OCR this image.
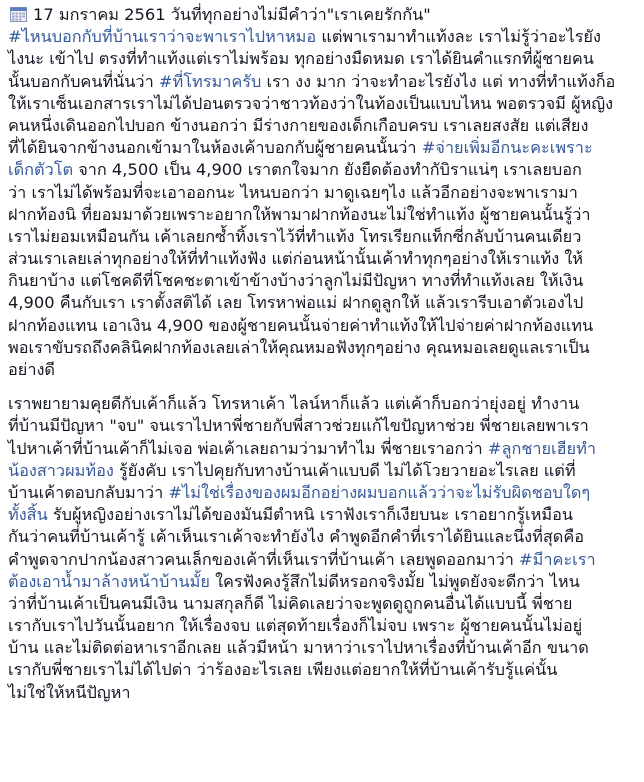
17 มกราคม 2561 วันที่ทุกอย่างไม่มีคำว่า"เราเคยรักกัน"
#ไหนบอกกับที่บ้านเราว่าจะพาเราไปหาหมอ แต่พาเรามาทำแท้งละ เราไม่รู้ว่าอะไรยัง
ไงนะ เข้าไป ตรงที่ทำแท้งแต่เราไม่พร้อม ทุกอย่างมืดหมด เราได้ยินคำแรกที่ผู้ชายคน
นั้นบอกกับคนที่นั่นว่า #ที่โทรมาครับ เรา งง มาก ว่าจะทำอะไรยังไง แต่ ทางที่ทำแท้งก็อ
ให้เราเซ็นเอกสารเราไม่ได้ปอนตรวจว่าชาวท้องว่าในท้องเป็นแบบไหน พอตรวจมี ผู้หญิง
คนหนึ่งเดินออกไปบอก ข้างนอกว่า มีร่างกายของเด็กเกือบครบ เราเลยสงสัย แต่เสียง
ที่ได้ยินจากข้างนอกเข้ามาในห้องเค้าบอกกับผู้ชายคนนั้นว่า #จ่ายเพิ่มอีกนะคะเพราะ
เด็กตัวโต จาก 4,500 เป็น 4,900 เราตกใจมาก ยังยืดต้องทำกับิราแน่ๆ เราเลยบอก
ว่า เราไม่ได้พร้อมที่จะเอาออกนะ ไหนบอกว่า มาดูเฉยๆไง แล้วอีกอย่างจะพาเรามา
ฝากท้องนิ ที่ยอมมาด้วยเพราะอยากให้พามาฝากท้องนะไม่ใช่ทำแท้ง ผู้ชายคนนั้นรู้ว่า
เราไม่ยอมเหมือนกัน เค้าเลยกซ้ำทิ้งเราไว้ที่ทำแท้ง โทรเรียกแท็กซี่กลับบ้านคนเดียว
ส่วนเราเลยเล่าทุกอย่างให้ที่ทำแท้งฟัง แต่ก่อนหน้านั้นเค้าทำทุกๆอย่างให้เราแท้ง ให้
กินยาบ้าง แต่โชคดีที่โชคชะตาเข้าข้างบ้างว่าลูกไม่มีปัญหา ทางที่ทำแท้งเลย ให้เงิน
4,900 คืนกับเรา เราตั้งสติได้ เลย โทรหาพ่อแม่ ฝากดูลูกให้ แล้วเรารีบเอาตัวเองไป
ฝากท้องแทน เอาเงิน 4,900 ของผู้ชายคนนั้นจ่ายค่าทำแท้งให้ไปจ่ายค่าฝากท้องแทน
พอเราขับรถถึงคลินิคฝากท้องเลยเล่าให้คุณหมอฟังทุกๆอย่าง คุณหมอเลยดูแลเราเป็น
อย่างดี
เราพยายามคุยดีกับเค้าก็แล้ว โทรหาเค้า ไลน์หาก็แล้ว แต่เค้าก็บอกว่ายุ่งอยู่ ทำงาน
ที่บ้านมีปัญหา "จบ" จนเราไปหาพี่ชายกับพี่สาวช่วยแก้ไขปัญหาช่วย พี่ชายเลยพาเรา
ไปหาเค้าที่บ้านเค้าก็ไม่เจอ พ่อเค้าเลยถามว่ามาทำไม พี่ชายเราอกว่า #ลูกชายเฮียทำ
น้องสาวผมท้อง รู้ยังคับ เราไปคุยกับทางบ้านเค้าแบบดี ไม่ได้โวยวายอะไรเลย แต่ที่
บ้านเค้าตอบกลับมาว่า #ไม่ใช่เรื่องของผมอีกอย่างผมบอกแล้วว่าจะไม่รับผิดชอบใดๆ
ทั้งสิ้น รับผู้หญิงอย่างเราไม่ได้ของมันมีตำหนิ เราฟังเราก็เงียบนะ เราอยากรู้เหมือน
กันว่าคนที่บ้านเค้ารู้ เค้าเห็นเราเค้าจะทำยังไง คำพูดอีกคำที่เราได้ยินและนึ่งที่สุดคือ
คำพูดจากปากน้องสาวคนเล็กของเค้าที่เห็นเราที่บ้านเค้า เลยพูดออกมาว่า #มีาคะเรา
ต้องเอาน้ำมาล้างหน้าบ้านมั้ย ใครฟังคงรู้สึกไม่ดีหรอกจริงมั้ย ไม่พูดยังจะดีกว่า ไหน
ว่าที่บ้านเค้าเป็นคนมีเงิน นามสกุลก็ดี ไม่คิดเลยว่าจะพูดดูถูกคนอื่นได้แบบนี้ พี่ชาย
เรากับเราไปวันนั้นอยาก ให้เรื่องจบ แต่สุดท้ายเรื่องก็ไม่จบ เพราะ ผู้ชายคนนั้นไม่อยู่
บ้าน และไม่ติดต่อหาเราอีกเลย แล้วมีหน้า มาหาว่าเราไปหาเรื่องที่บ้านเค้าอีก ขนาด
เรากับพี่ชายเราไม่ได้ไปด่า ว่าร้องอะไรเลย เพียงแต่อยากให้ที่บ้านเค้ารับรู้แค่นั้น
ไม่ใช่ให้หนีปัญหา
